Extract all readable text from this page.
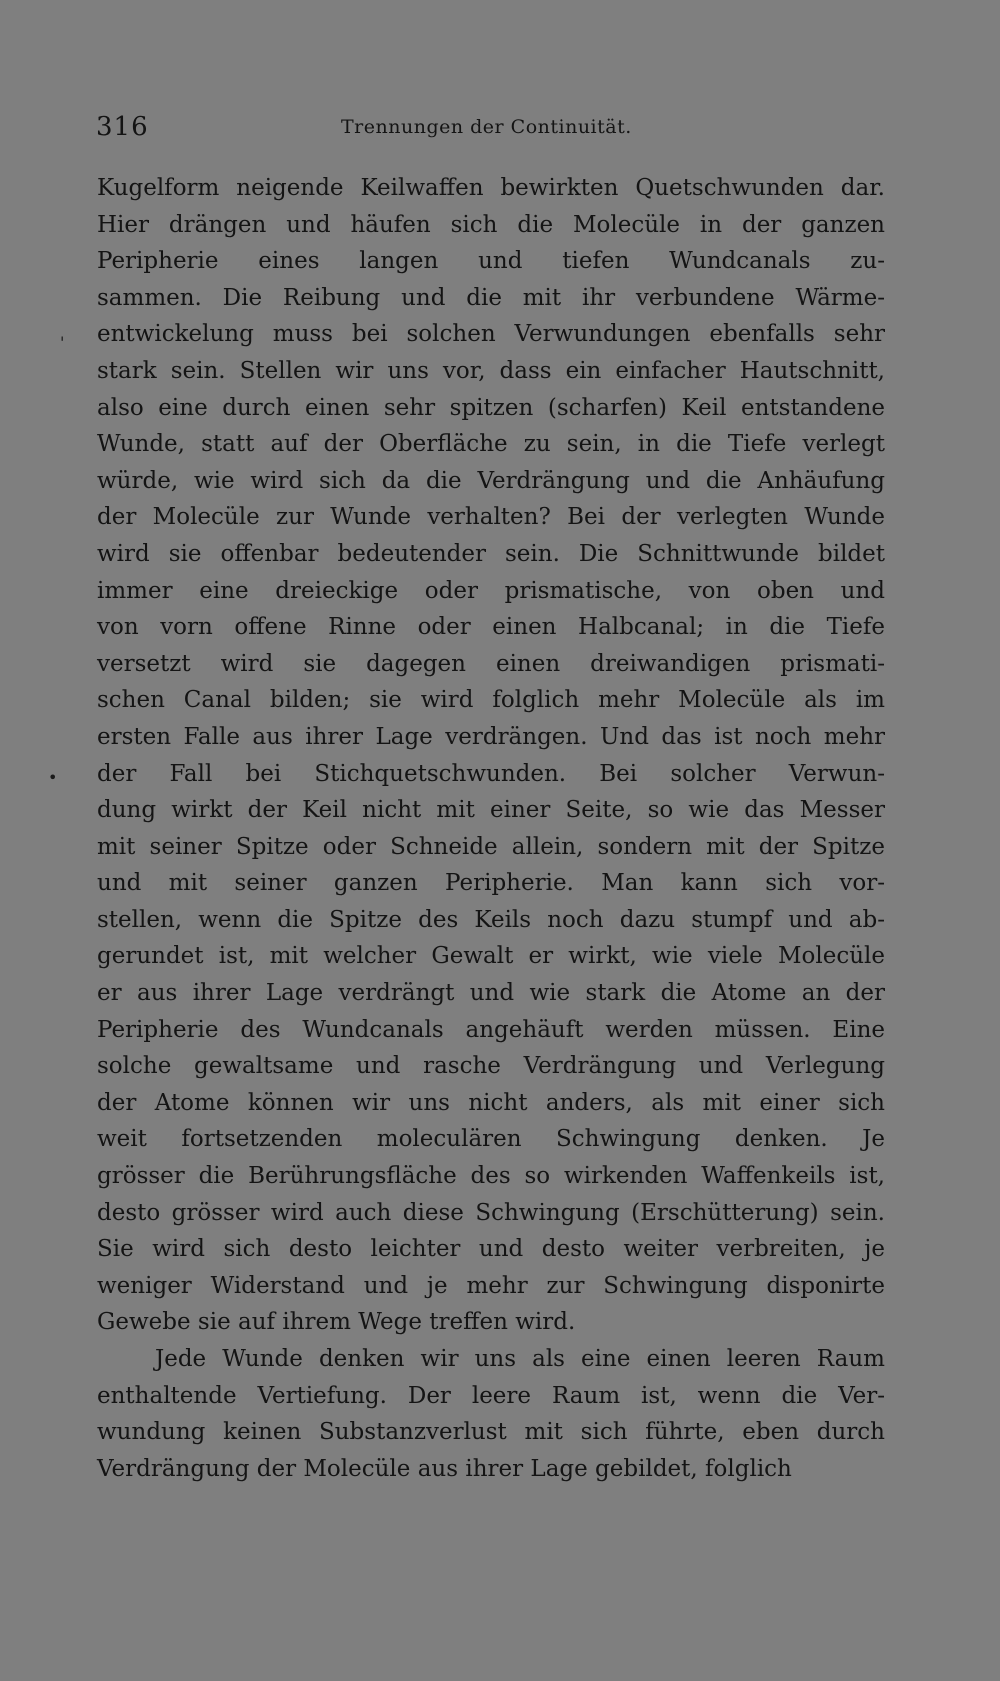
316	Trennungen der Continuität.
'
•

Kugelform neigende Keilwaffen bewirkten Quetschwunden dar.
Hier drängen und häufen sich die Molecüle in der ganzen
Peripherie eines langen und tiefen Wundcanals zu-
sammen. Die Reibung und die mit ihr verbundene Wärme-
entwickelung muss bei solchen Verwundungen ebenfalls sehr
stark sein. Stellen wir uns vor, dass ein einfacher Hautschnitt,
also eine durch einen sehr spitzen (scharfen) Keil entstandene
Wunde, statt auf der Oberfläche zu sein, in die Tiefe verlegt
würde, wie wird sich da die Verdrängung und die Anhäufung
der Molecüle zur Wunde verhalten? Bei der verlegten Wunde
wird sie offenbar bedeutender sein. Die Schnittwunde bildet
immer eine dreieckige oder prismatische, von oben und
von vorn offene Rinne oder einen Halbcanal; in die Tiefe
versetzt wird sie dagegen einen dreiwandigen prismati-
schen Canal bilden; sie wird folglich mehr Molecüle als im
ersten Falle aus ihrer Lage verdrängen. Und das ist noch mehr
der Fall bei Stichquetschwunden. Bei solcher Verwun-
dung wirkt der Keil nicht mit einer Seite, so wie das Messer
mit seiner Spitze oder Schneide allein, sondern mit der Spitze
und mit seiner ganzen Peripherie. Man kann sich vor-
stellen, wenn die Spitze des Keils noch dazu stumpf und ab-
gerundet ist, mit welcher Gewalt er wirkt, wie viele Molecüle
er aus ihrer Lage verdrängt und wie stark die Atome an der
Peripherie des Wundcanals angehäuft werden müssen. Eine
solche gewaltsame und rasche Verdrängung und Verlegung
der Atome können wir uns nicht anders, als mit einer sich
weit fortsetzenden moleculären Schwingung denken. Je
grösser die Berührungsfläche des so wirkenden Waffenkeils ist,
desto grösser wird auch diese Schwingung (Erschütterung) sein.
Sie wird sich desto leichter und desto weiter verbreiten, je
weniger Widerstand und je mehr zur Schwingung disponirte
Gewebe sie auf ihrem Wege treffen wird.

Jede Wunde denken wir uns als eine einen leeren Raum
enthaltende Vertiefung. Der leere Raum ist, wenn die Ver-
wundung keinen Substanzverlust mit sich führte, eben durch
Verdrängung der Molecüle aus ihrer Lage gebildet, folglich
